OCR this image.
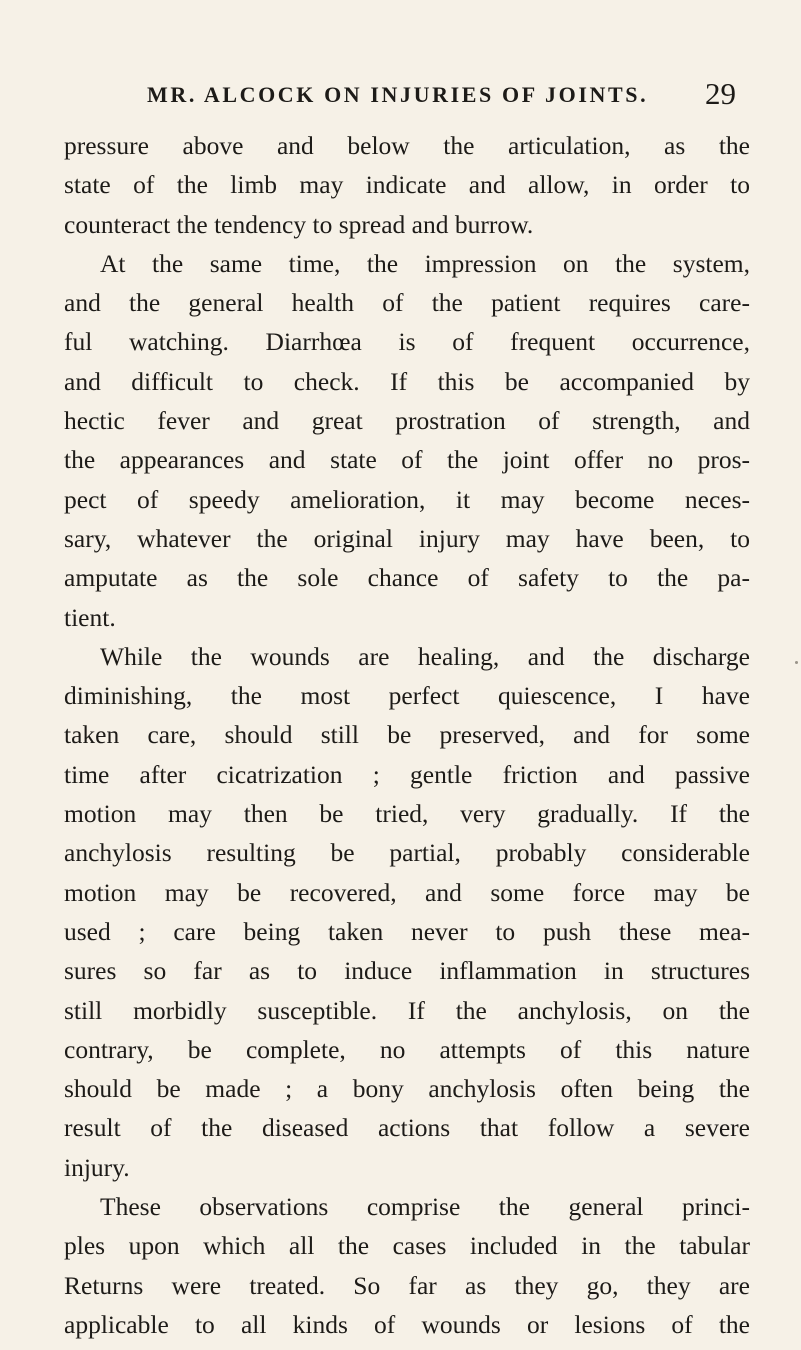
MR. ALCOCK ON INJURIES OF JOINTS. 29
pressure above and below the articulation, as the
state of the limb may indicate and allow, in order to
counteract the tendency to spread and burrow.
At the same time, the impression on the system,
and the general health of the patient requires care-
ful watching. Diarrhœa is of frequent occurrence,
and difficult to check. If this be accompanied by
hectic fever and great prostration of strength, and
the appearances and state of the joint offer no pros-
pect of speedy amelioration, it may become neces-
sary, whatever the original injury may have been, to
amputate as the sole chance of safety to the pa-
tient.
While the wounds are healing, and the discharge
diminishing, the most perfect quiescence, I have
taken care, should still be preserved, and for some
time after cicatrization ; gentle friction and passive
motion may then be tried, very gradually. If the
anchylosis resulting be partial, probably considerable
motion may be recovered, and some force may be
used ; care being taken never to push these mea-
sures so far as to induce inflammation in structures
still morbidly susceptible. If the anchylosis, on the
contrary, be complete, no attempts of this nature
should be made ; a bony anchylosis often being the
result of the diseased actions that follow a severe
injury.
These observations comprise the general princi-
ples upon which all the cases included in the tabular
Returns were treated. So far as they go, they are
applicable to all kinds of wounds or lesions of the
